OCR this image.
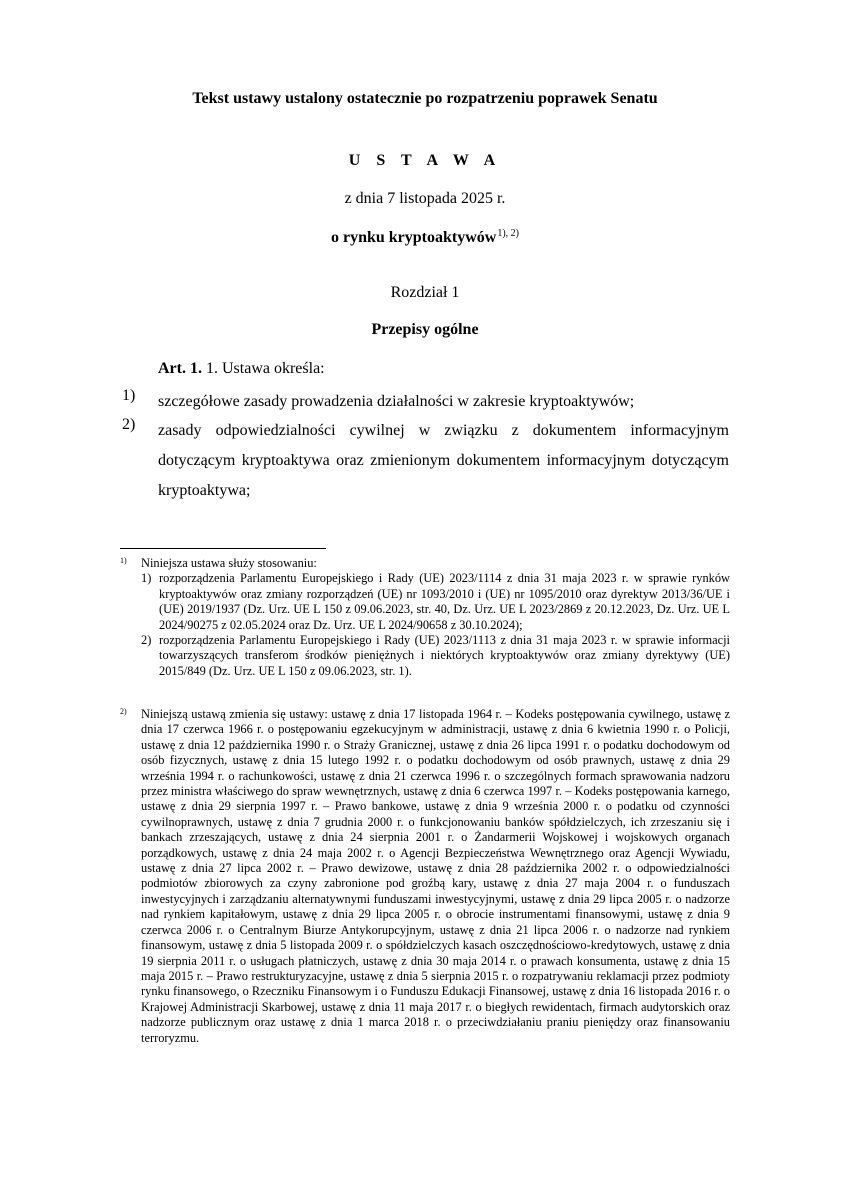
Tekst ustawy ustalony ostatecznie po rozpatrzeniu poprawek Senatu
U S T A W A
z dnia 7 listopada 2025 r.
o rynku kryptoaktywów$^{1), 2)}$
Rozdział 1
Przepisy ogólne
Art. 1. 1. Ustawa określa:
1) szczegółowe zasady prowadzenia działalności w zakresie kryptoaktywów;
2) zasady odpowiedzialności cywilnej w związku z dokumentem informacyjnym dotyczącym kryptoaktywa oraz zmienionym dokumentem informacyjnym dotyczącym kryptoaktywa;
1) Niniejsza ustawa służy stosowaniu:
1) rozporządzenia Parlamentu Europejskiego i Rady (UE) 2023/1114 z dnia 31 maja 2023 r. w sprawie rynków kryptoaktywów oraz zmiany rozporządzeń (UE) nr 1093/2010 i (UE) nr 1095/2010 oraz dyrektyw 2013/36/UE i (UE) 2019/1937 (Dz. Urz. UE L 150 z 09.06.2023, str. 40, Dz. Urz. UE L 2023/2869 z 20.12.2023, Dz. Urz. UE L 2024/90275 z 02.05.2024 oraz Dz. Urz. UE L 2024/90658 z 30.10.2024);
2) rozporządzenia Parlamentu Europejskiego i Rady (UE) 2023/1113 z dnia 31 maja 2023 r. w sprawie informacji towarzyszących transferom środków pieniężnych i niektórych kryptoaktywów oraz zmiany dyrektywy (UE) 2015/849 (Dz. Urz. UE L 150 z 09.06.2023, str. 1).
2) Niniejszą ustawą zmienia się ustawy: ustawę z dnia 17 listopada 1964 r. – Kodeks postępowania cywilnego, ustawę z dnia 17 czerwca 1966 r. o postępowaniu egzekucyjnym w administracji, ustawę z dnia 6 kwietnia 1990 r. o Policji, ustawę z dnia 12 października 1990 r. o Straży Granicznej, ustawę z dnia 26 lipca 1991 r. o podatku dochodowym od osób fizycznych, ustawę z dnia 15 lutego 1992 r. o podatku dochodowym od osób prawnych, ustawę z dnia 29 września 1994 r. o rachunkowości, ustawę z dnia 21 czerwca 1996 r. o szczególnych formach sprawowania nadzoru przez ministra właściwego do spraw wewnętrznych, ustawę z dnia 6 czerwca 1997 r. – Kodeks postępowania karnego, ustawę z dnia 29 sierpnia 1997 r. – Prawo bankowe, ustawę z dnia 9 września 2000 r. o podatku od czynności cywilnoprawnych, ustawę z dnia 7 grudnia 2000 r. o funkcjonowaniu banków spółdzielczych, ich zrzeszaniu się i bankach zrzeszających, ustawę z dnia 24 sierpnia 2001 r. o Żandarmerii Wojskowej i wojskowych organach porządkowych, ustawę z dnia 24 maja 2002 r. o Agencji Bezpieczeństwa Wewnętrznego oraz Agencji Wywiadu, ustawę z dnia 27 lipca 2002 r. – Prawo dewizowe, ustawę z dnia 28 października 2002 r. o odpowiedzialności podmiotów zbiorowych za czyny zabronione pod groźbą kary, ustawę z dnia 27 maja 2004 r. o funduszach inwestycyjnych i zarządzaniu alternatywnymi funduszami inwestycyjnymi, ustawę z dnia 29 lipca 2005 r. o nadzorze nad rynkiem kapitałowym, ustawę z dnia 29 lipca 2005 r. o obrocie instrumentami finansowymi, ustawę z dnia 9 czerwca 2006 r. o Centralnym Biurze Antykorupcyjnym, ustawę z dnia 21 lipca 2006 r. o nadzorze nad rynkiem finansowym, ustawę z dnia 5 listopada 2009 r. o spółdzielczych kasach oszczędnościowo-kredytowych, ustawę z dnia 19 sierpnia 2011 r. o usługach płatniczych, ustawę z dnia 30 maja 2014 r. o prawach konsumenta, ustawę z dnia 15 maja 2015 r. – Prawo restrukturyzacyjne, ustawę z dnia 5 sierpnia 2015 r. o rozpatrywaniu reklamacji przez podmioty rynku finansowego, o Rzeczniku Finansowym i o Funduszu Edukacji Finansowej, ustawę z dnia 16 listopada 2016 r. o Krajowej Administracji Skarbowej, ustawę z dnia 11 maja 2017 r. o biegłych rewidentach, firmach audytorskich oraz nadzorze publicznym oraz ustawę z dnia 1 marca 2018 r. o przeciwdziałaniu praniu pieniędzy oraz finansowaniu terroryzmu.
